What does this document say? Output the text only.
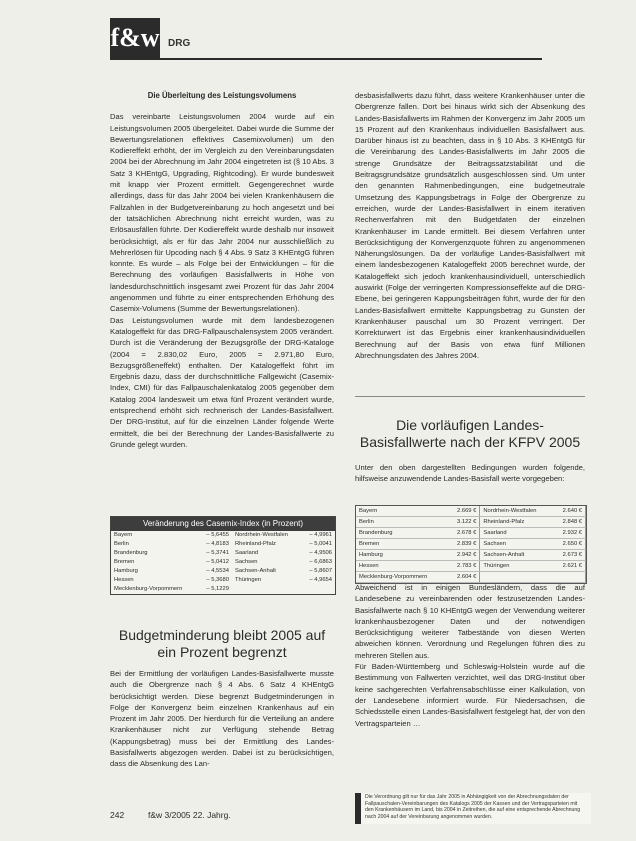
f&w DRG

Die Überleitung des Leistungsvolumens

Das vereinbarte Leistungsvolumen 2004 wurde auf ein Leistungsvolumen 2005 übergeleitet. Dabei wurde die Summe der Bewertungsrelationen effektives Casemixvolumen) um den Kodiereffekt erhöht, der im Vergleich zu den Vereinbarungsdaten 2004 bei der Abrechnung im Jahr 2004 eingetreten ist (§ 10 Abs. 3 Satz 3 KHEntgG, Upgrading, Rightcoding). Er wurde bundesweit mit knapp vier Prozent ermittelt. Gegengerechnet wurde allerdings, dass für das Jahr 2004 bei vielen Krankenhäusern die Fallzahlen in der Budgetvereinbarung zu hoch angesetzt und bei der tatsächlichen Abrechnung nicht erreicht wurden, was zu Erlösausfällen führte. Der Kodiereffekt wurde deshalb nur insoweit berücksichtigt, als er für das Jahr 2004 nur ausschließlich zu Mehrerlösen für Upcoding nach § 4 Abs. 9 Satz 3 KHEntgG führen konnte. Es wurde – als Folge bei der Entwicklungen – für die Berechnung des vorläufigen Basisfallwerts in Höhe von landesdurchschnittlich insgesamt zwei Prozent für das Jahr 2004 angenommen und führte zu einer entsprechenden Erhöhung des Casemix-Volumens (Summe der Bewertungsrelationen).

Das Leistungsvolumen wurde mit dem landesbezogenen Katalogeffekt für das DRG-Fallpauschalensystem 2005 verändert. Durch ist die Veränderung der Bezugsgröße der DRG-Kataloge (2004 = 2.830,02 Euro, 2005 = 2.971,80 Euro, Bezugsgrößeneffekt) enthalten. Der Katalogeffekt führt im Ergebnis dazu, dass der durchschnittliche Fallgewicht (Casemix-Index, CMI) für das Fallpauschalenkatalog 2005 gegenüber dem Katalog 2004 landesweit um etwa fünf Prozent verändert wurde, entsprechend erhöht sich rechnerisch der Landes-Basisfallwert. Der DRG-Institut, auf für die einzelnen Länder folgende Werte ermittelt, die bei der Berechnung der Landes-Basisfallwerte zu Grunde gelegt wurden.

Veränderung des Casemix-Index (in Prozent)
Bayern	– 5,6455	Nordrhein-Westfalen	– 4,9961
Berlin	– 4,8183	Rheinland-Pfalz	– 5,0041
Brandenburg	– 5,3741	Saarland	– 4,9506
Bremen	– 5,0412	Sachsen	– 6,6863
Hamburg	– 4,5534	Sachsen-Anhalt	– 5,8607
Hessen	– 5,3680	Thüringen	– 4,9654
Mecklenburg-Vorpommern	– 5,1229		
Budgetminderung bleibt 2005 auf ein Prozent begrenzt

Bei der Ermittlung der vorläufigen Landes-Basisfallwerte musste auch die Obergrenze nach § 4 Abs. 6 Satz 4 KHEntgG berücksichtigt werden. Diese begrenzt Budgetminderungen in Folge der Konvergenz beim einzelnen Krankenhaus auf ein Prozent im Jahr 2005. Der hierdurch für die Verteilung an andere Krankenhäuser nicht zur Verfügung stehende Betrag (Kappungsbetrag) muss bei der Ermittlung des Landes-Basisfallwerts abgezogen werden. Dabei ist zu berücksichtigen, dass die Absenkung des Lan-

desbasisfallwerts dazu führt, dass weitere Krankenhäuser unter die Obergrenze fallen. Dort bei hinaus wirkt sich der Absenkung des Landes-Basisfallwerts im Rahmen der Konvergenz im Jahr 2005 um 15 Prozent auf den Krankenhaus individuellen Basisfallwert aus. Darüber hinaus ist zu beachten, dass in § 10 Abs. 3 KHEntgG für die Vereinbarung des Landes-Basisfallwerts im Jahr 2005 die strenge Grundsätze der Beitragssatzstabilität und die Beitragsgrundsätze grundsätzlich ausgeschlossen sind. Um unter den genannten Rahmenbedingungen, eine budgetneutrale Umsetzung des Kappungsbetrags in Folge der Obergrenze zu erreichen, wurde der Landes-Basisfallwert in einem iterativen Rechenverfahren mit den Budgetdaten der einzelnen Krankenhäuser im Lande ermittelt. Bei diesem Verfahren unter Berücksichtigung der Konvergenzquote führen zu angenommenen Näherungslösungen. Da der vorläufige Landes-Basisfallwert mit einem landesbezogenen Katalogeffekt 2005 berechnet wurde, der Katalogeffekt sich jedoch krankenhausindividuell, unterschiedlich auswirkt (Folge der verringerten Kompressionseffekte auf die DRG-Ebene, bei geringeren Kappungsbeiträgen führt, wurde der für den Landes-Basisfallwert ermittelte Kappungsbetrag zu Gunsten der Krankenhäuser pauschal um 30 Prozent verringert. Der Korrekturwert ist das Ergebnis einer krankenhausindividuellen Berechnung auf der Basis von etwa fünf Millionen Abrechnungsdaten des Jahres 2004.

Die vorläufigen Landes-Basisfallwerte nach der KFPV 2005

Unter den oben dargestellten Bedingungen wurden folgende, hilfsweise anzuwendende Landes-Basisfall werte vorgegeben:

Bayern	2.669 €	Nordrhein-Westfalen	2.640 €
Berlin	3.122 €	Rheinland-Pfalz	2.848 €
Brandenburg	2.678 €	Saarland	2.932 €
Bremen	2.839 €	Sachsen	2.650 €
Hamburg	2.942 €	Sachsen-Anhalt	2.673 €
Hessen	2.783 €	Thüringen	2.621 €
Mecklenburg-Vorpommern	2.604 €		

Abweichend ist in einigen Bundesländern, dass die auf Landesebene zu vereinbarenden oder festzusetzenden Landes-Basisfallwerte nach § 10 KHEntgG wegen der Verwendung weiterer krankenhausbezogener Daten und der notwendigen Berücksichtigung weiterer Tatbestände von diesen Werten abweichen können. Verordnung und Regelungen führen dies zu mehreren Stellen aus.

Für Baden-Württemberg und Schleswig-Holstein wurde auf die Bestimmung von Fallwerten verzichtet, weil das DRG-Institut über keine sachgerechten Verfahrensabschlüsse einer Kalkulation, von der Landesebene informiert wurde. Für Niedersachsen, die Schiedsstelle einen Landes-Basisfallwert festgelegt hat, der von den Vertragsparteien …

Die Verordnung gilt nur für das Jahr 2005 in Abhängigkeit von der Abrechnungsdaten der Fallpauschalen-Vereinbarungen des Katalogs 2005 der Kassen und der Vertragsparteien mit den Krankenhäusern im Land, bis 2004 in Zeitreihen, die auf eine entsprechende Abrechnung nach 2004 auf der Vereinbarung angenommen wurden.
242	f&w 3/2005 22. Jahrg.
